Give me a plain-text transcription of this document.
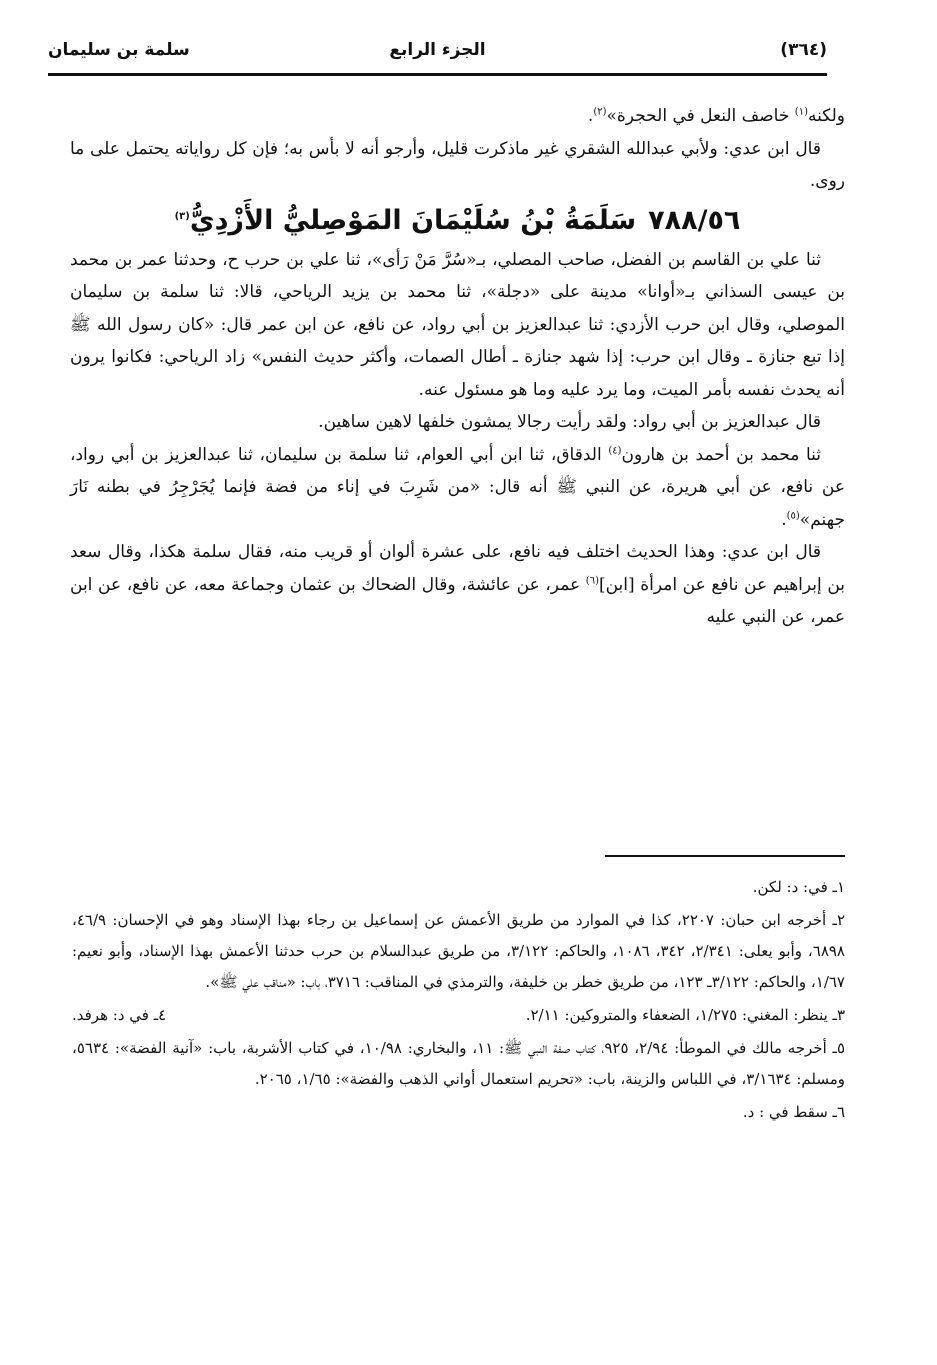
(٣٦٤)
الجزء الرابع
سلمة بن سليمان

ولكنه$^{(١)}$ خاصف النعل في الحجرة»$^{(٢)}$.

قال ابن عدي: ولأبي عبدالله الشقري غير ماذكرت قليل، وأرجو أنه لا بأس به؛ فإن كل رواياته يحتمل على ما روى.

٧٨٨/٥٦سَلَمَةُ بْنُ سُلَيْمَانَ المَوْصِليُّ الأَزْدِيُّ$^{(٣)}$

ثنا علي بن القاسم بن الفضل، صاحب المصلي، بـ«سُرَّ مَنْ رَأى»، ثنا علي بن حرب ح، وحدثنا عمر بن محمد بن عيسى السذاني بـ«أوانا» مدينة على «دجلة»، ثنا محمد بن يزيد الرياحي، قالا: ثنا سلمة بن سليمان الموصلي، وقال ابن حرب الأزدي: ثنا عبدالعزيز بن أبي رواد، عن نافع، عن ابن عمر قال: «كان رسول الله ﷺ إذا تبع جنازة ـ وقال ابن حرب: إذا شهد جنازة ـ أطال الصمات، وأكثر حديث النفس» زاد الرياحي: فكانوا يرون أنه يحدث نفسه بأمر الميت، وما يرد عليه وما هو مسئول عنه.

قال عبدالعزيز بن أبي رواد: ولقد رأيت رجالا يمشون خلفها لاهين ساهين.

ثنا محمد بن أحمد بن هارون$^{(٤)}$ الدقاق، ثنا ابن أبي العوام، ثنا سلمة بن سليمان، ثنا عبدالعزيز بن أبي رواد، عن نافع، عن أبي هريرة، عن النبي ﷺ أنه قال: «من شَرِبَ في إناء من فضة فإنما يُجَرْجِرُ في بطنه نَارَ جهنم»$^{(٥)}$.

قال ابن عدي: وهذا الحديث اختلف فيه نافع، على عشرة ألوان أو قريب منه، فقال سلمة هكذا، وقال سعد بن إبراهيم عن نافع عن امرأة [ابن]$^{(٦)}$ عمر، عن عائشة، وقال الضحاك بن عثمان وجماعة معه، عن نافع، عن ابن عمر، عن النبي عليه

١ـ في: د: لكن.

٢ـ أخرجه ابن حبان: ٢٢٠٧، كذا في الموارد من طريق الأعمش عن إسماعيل بن رجاء بهذا الإسناد وهو في الإحسان: ٤٦/٩، ٦٨٩٨، وأبو يعلى: ٢/٣٤١، ٣٤٢، ١٠٨٦، والحاكم: ٣/١٢٢، من طريق عبدالسلام بن حرب حدثنا الأعمش بهذا الإسناد، وأبو نعيم: ١/٦٧، والحاكم: ٣/١٢٢ـ ١٢٣، من طريق خطر بن خليفة، والترمذي في المناقب: ٣٧١٦، باب: «مناقب علي ﷺ».

٣ـ ينظر: المغني: ١/٢٧٥، الضعفاء والمتروكين: ٢/١١.
٤ـ في د: هرفد.

٥ـ أخرجه مالك في الموطأ: ٢/٩٤، ٩٢٥، كتاب صفة النبي ﷺ: ١١، والبخاري: ١٠/٩٨، في كتاب الأشربة، باب: «آنية الفضة»: ٥٦٣٤، ومسلم: ٣/١٦٣٤، في اللباس والزينة، باب: «تحريم استعمال أواني الذهب والفضة»: ١/٦٥، ٢٠٦٥.

٦ـ سقط في : د.
